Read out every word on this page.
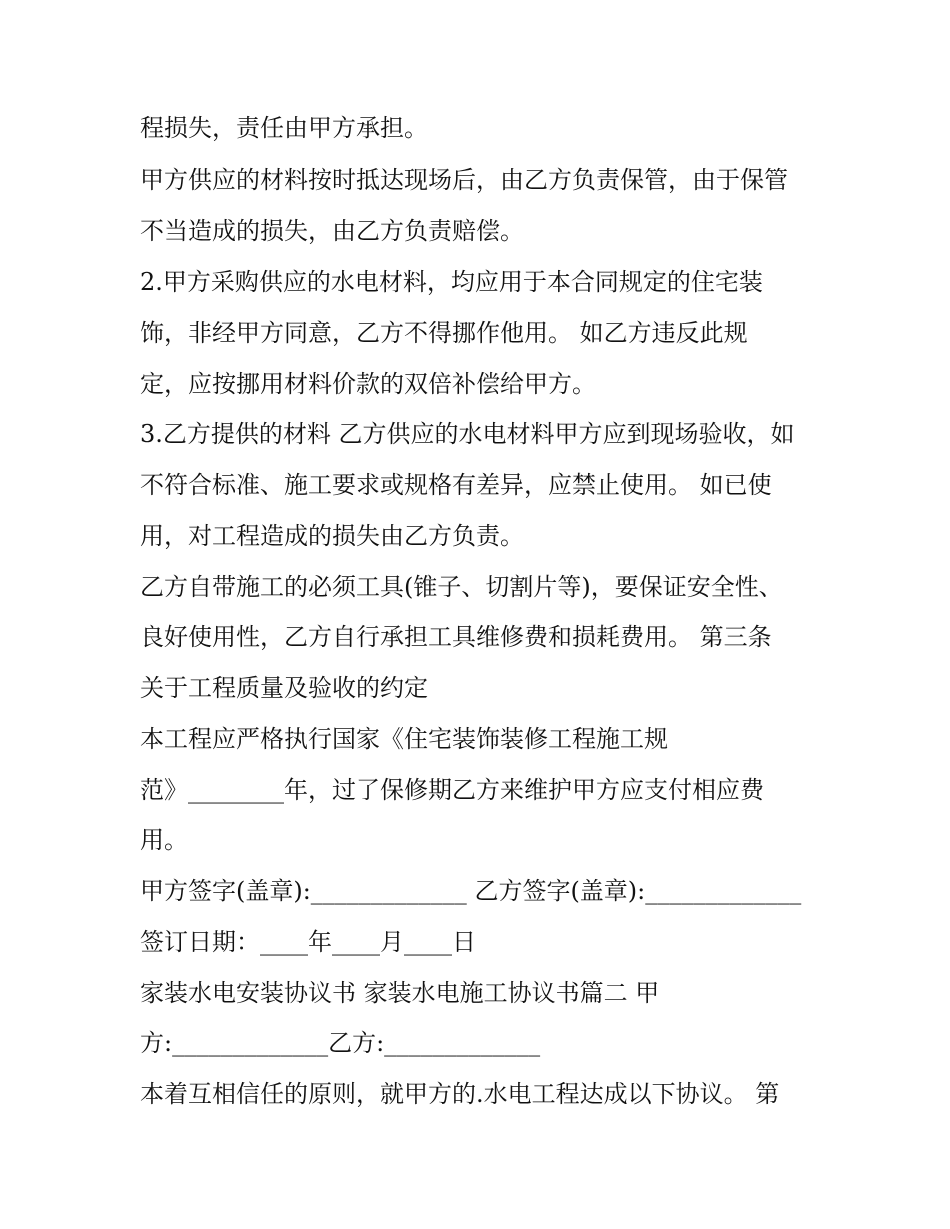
程损失，责任由甲方承担。
甲方供应的材料按时抵达现场后，由乙方负责保管，由于保管
不当造成的损失，由乙方负责赔偿。
2.甲方采购供应的水电材料，均应用于本合同规定的住宅装
饰，非经甲方同意，乙方不得挪作他用。 如乙方违反此规
定，应按挪用材料价款的双倍补偿给甲方。
3.乙方提供的材料 乙方供应的水电材料甲方应到现场验收，如
不符合标准、施工要求或规格有差异，应禁止使用。 如已使
用，对工程造成的损失由乙方负责。
乙方自带施工的必须工具(锥子、切割片等)，要保证安全性、
良好使用性，乙方自行承担工具维修费和损耗费用。 第三条
关于工程质量及验收的约定
本工程应严格执行国家《住宅装饰装修工程施工规
范》________年，过了保修期乙方来维护甲方应支付相应费
用。
甲方签字(盖章):_____________ 乙方签字(盖章):_____________
签订日期：____年____月____日
家装水电安装协议书 家装水电施工协议书篇二 甲
方:_____________乙方:_____________
本着互相信任的原则，就甲方的.水电工程达成以下协议。 第
